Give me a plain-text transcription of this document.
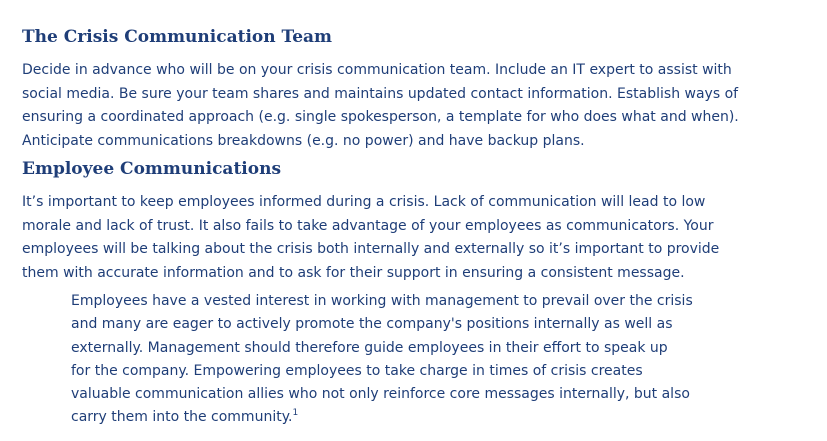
The Crisis Communication Team

Decide in advance who will be on your crisis communication team. Include an IT expert to assist with
social media. Be sure your team shares and maintains updated contact information. Establish ways of
ensuring a coordinated approach (e.g. single spokesperson, a template for who does what and when).
Anticipate communications breakdowns (e.g. no power) and have backup plans.

Employee Communications

It’s important to keep employees informed during a crisis. Lack of communication will lead to low
morale and lack of trust. It also fails to take advantage of your employees as communicators. Your
employees will be talking about the crisis both internally and externally so it’s important to provide
them with accurate information and to ask for their support in ensuring a consistent message.

Employees have a vested interest in working with management to prevail over the crisis
and many are eager to actively promote the company's positions internally as well as
externally. Management should therefore guide employees in their effort to speak up
for the company. Empowering employees to take charge in times of crisis creates
valuable communication allies who not only reinforce core messages internally, but also
carry them into the community.$^1$
